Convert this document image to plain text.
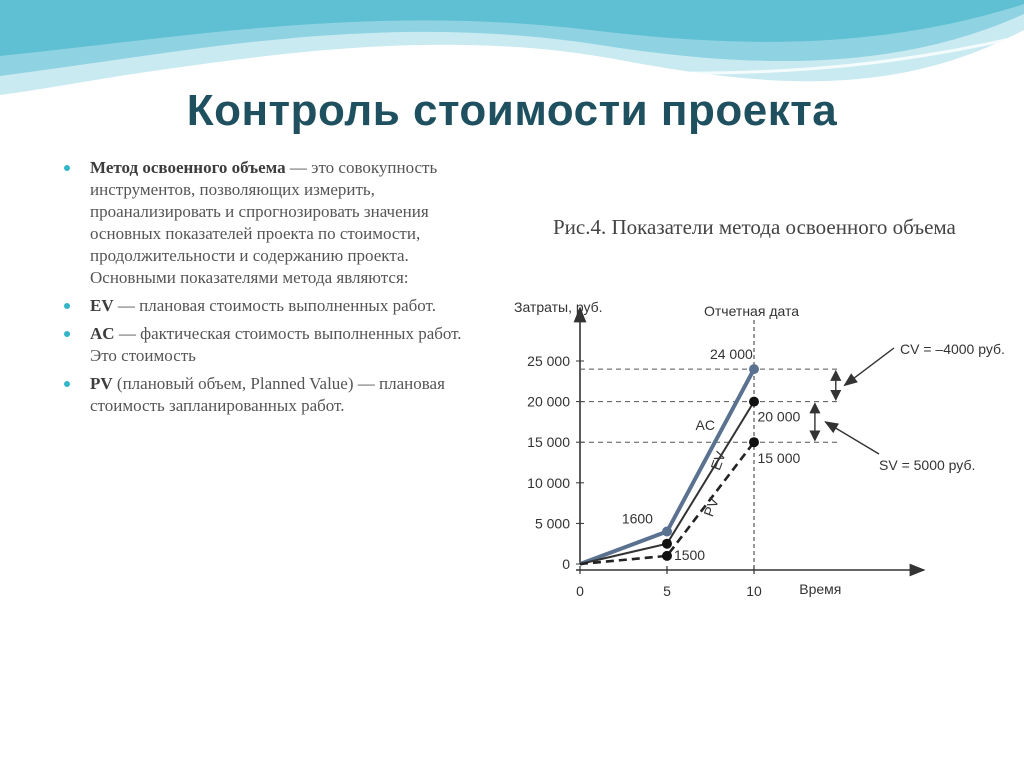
Контроль стоимости проекта
Метод освоенного объема — это совокупность инструментов, позволяющих измерить, проанализировать и спрогнозировать значения основных показателей проекта по стоимости, продолжительности и содержанию проекта. Основными показателями метода являются:
EV — плановая стоимость выполненных работ.
AC — фактическая стоимость выполненных работ. Это стоимость
PV (плановый объем, Planned Value) — плановая стоимость запланированных работ.
Рис.4. Показатели метода освоенного объема
Затраты, руб.
Время
0
5 000
10 000
15 000
20 000
25 000
0	5	10
Отчетная дата
AC
EV
PV
24 000
20 000
15 000
1600
1500
CV = –4000 руб.
SV = 5000 руб.
